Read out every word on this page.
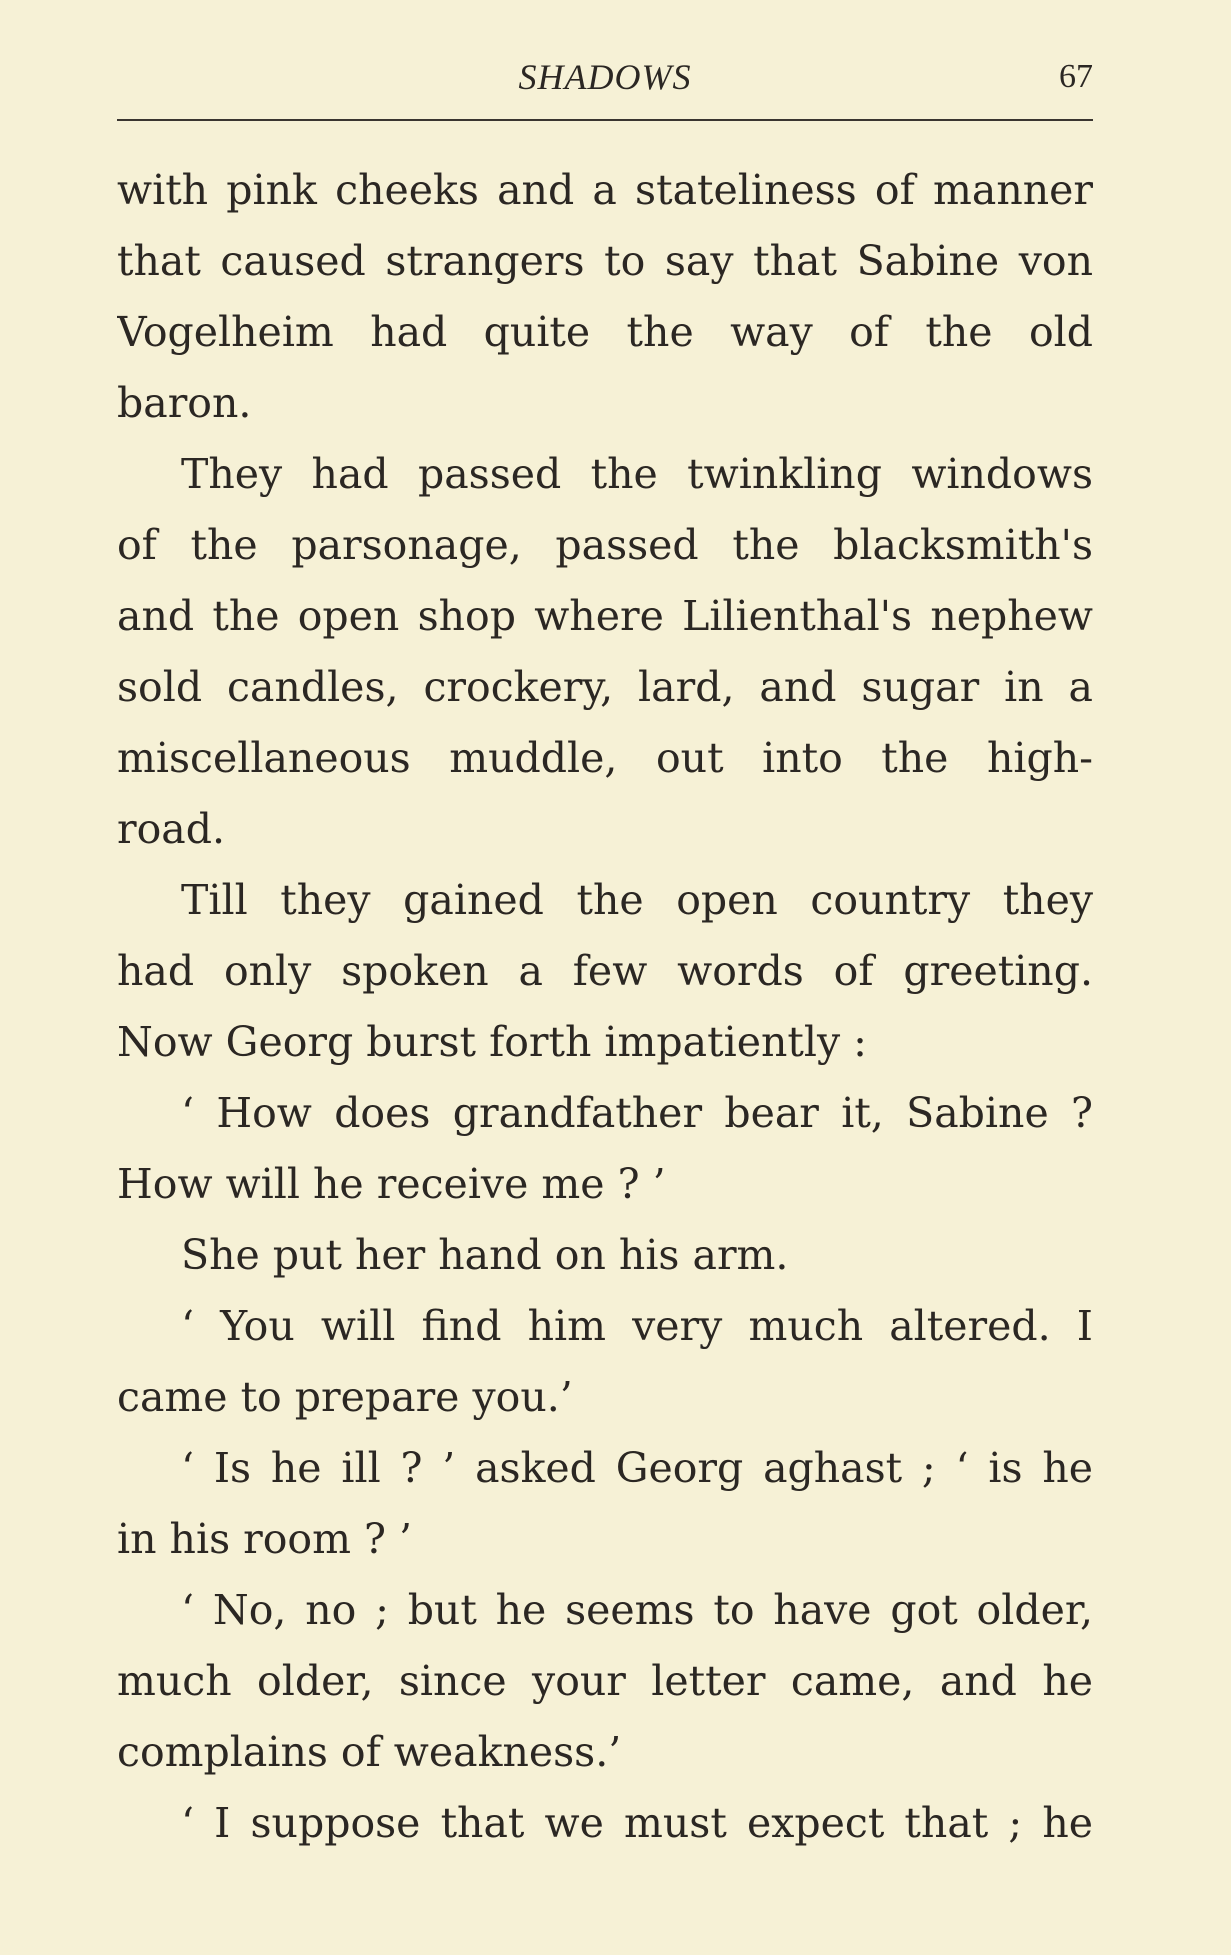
SHADOWS	67
with pink cheeks and a stateliness of manner
that caused strangers to say that Sabine von
Vogelheim had quite the way of the old
baron.
They had passed the twinkling windows
of the parsonage, passed the blacksmith's
and the open shop where Lilienthal's nephew
sold candles, crockery, lard, and sugar in a
miscellaneous muddle, out into the high-
road.
Till they gained the open country they
had only spoken a few words of greeting.
Now Georg burst forth impatiently :
‘ How does grandfather bear it, Sabine ?
How will he receive me ? ’
She put her hand on his arm.
‘ You will find him very much altered. I
came to prepare you.’
‘ Is he ill ? ’ asked Georg aghast ; ‘ is he
in his room ? ’
‘ No, no ; but he seems to have got older,
much older, since your letter came, and he
complains of weakness.’
‘ I suppose that we must expect that ; he
